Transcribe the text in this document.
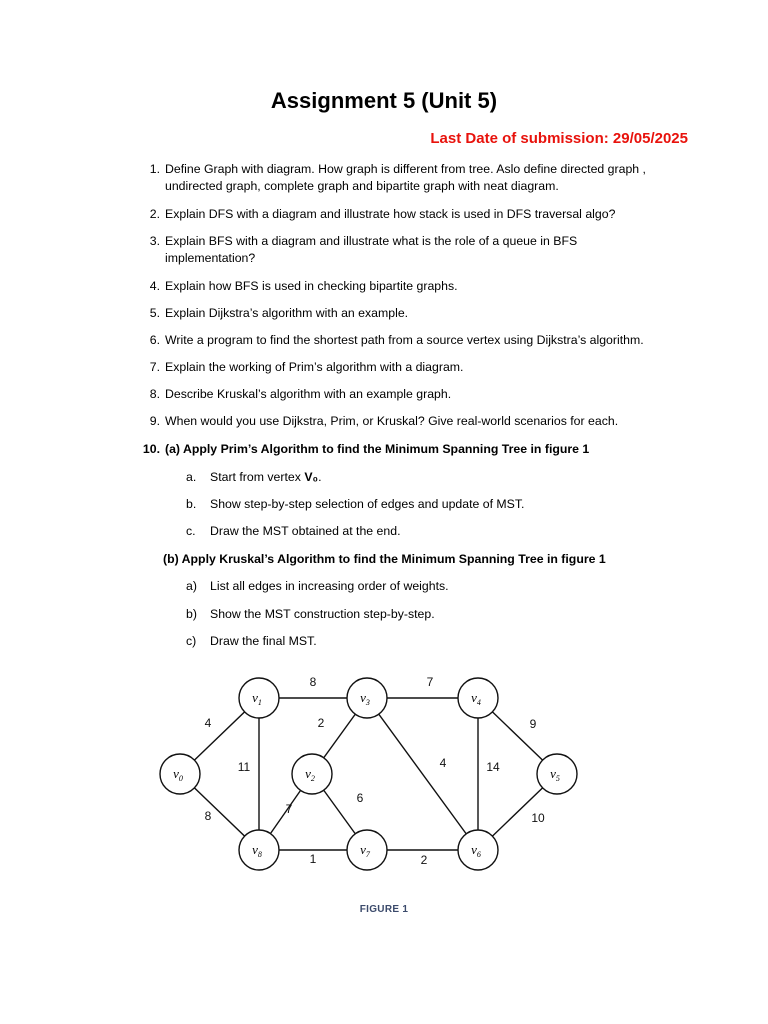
Assignment 5 (Unit 5)
Last Date of submission: 29/05/2025
1. Define Graph with diagram. How graph is different from tree. Aslo define directed graph , undirected graph, complete graph and bipartite graph with neat diagram.
2. Explain DFS with a diagram and illustrate how stack is used in DFS traversal algo?
3. Explain BFS with a diagram and illustrate what is the role of a queue in BFS implementation?
4. Explain how BFS is used in checking bipartite graphs.
5. Explain Dijkstra’s algorithm with an example.
6. Write a program to find the shortest path from a source vertex using Dijkstra’s algorithm.
7. Explain the working of Prim’s algorithm with a diagram.
8. Describe Kruskal’s algorithm with an example graph.
9. When would you use Dijkstra, Prim, or Kruskal? Give real-world scenarios for each.
10. (a) Apply Prim’s Algorithm to find the Minimum Spanning Tree in figure 1
a.	Start from vertex V₀.
b.	Show step-by-step selection of edges and update of MST.
c.	Draw the MST obtained at the end.
(b) Apply Kruskal’s Algorithm to find the Minimum Spanning Tree in figure 1
a)	List all edges in increasing order of weights.
b)	Show the MST construction step-by-step.
c)	Draw the final MST.
4
8
8
11
2
7
4
9
14
10
7
6
1	2
$v_0$
$v_1$
$v_2$
$v_3$	$v_4$
$v_5$
$v_6$
$v_7$
$v_8$
FIGURE 1
